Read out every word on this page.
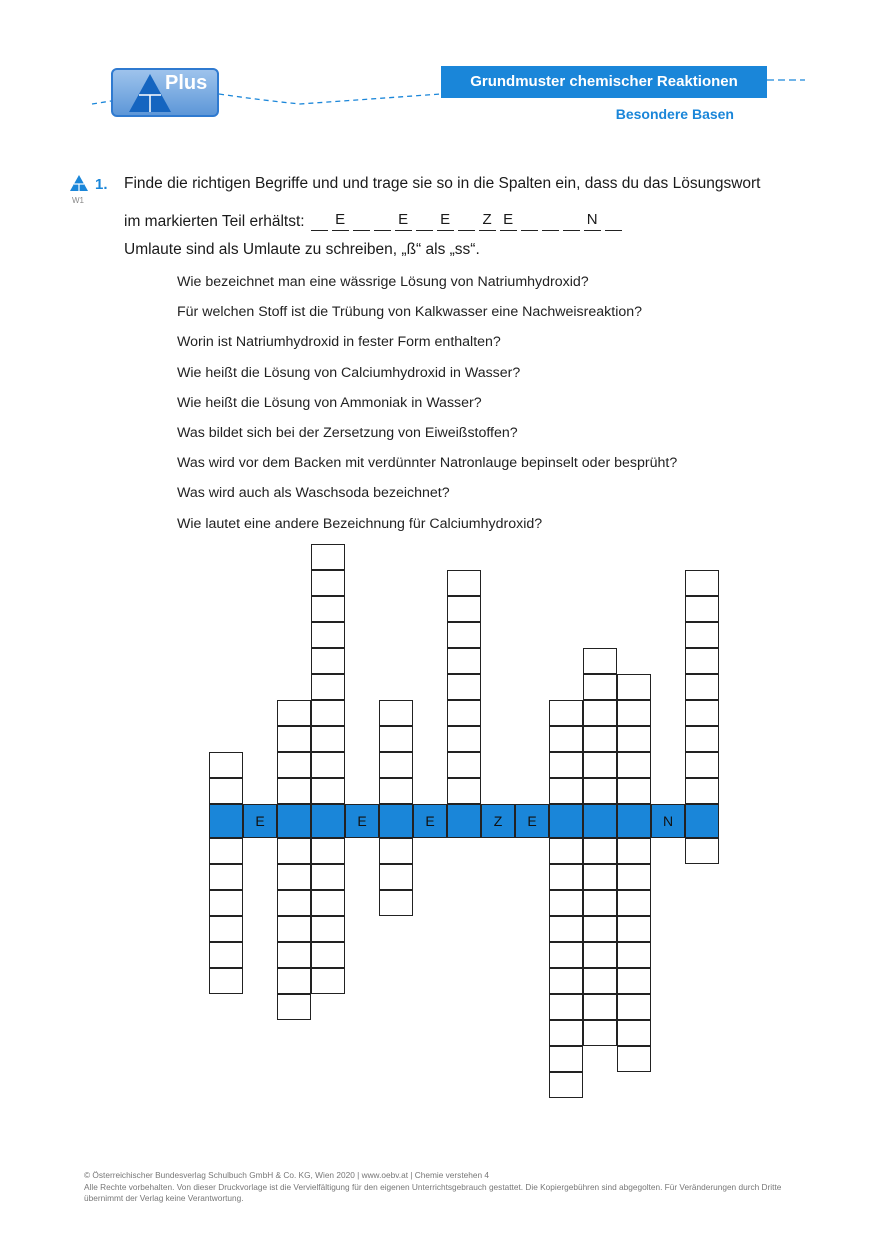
Plus	Grundmuster chemischer Reaktionen
Besondere Basen
W1
1. Finde die richtigen Begriffe und und trage sie so in die Spalten ein, dass du das Lösungswort
im markierten Teil erhältst: E	E E Z E	N
Umlaute sind als Umlaute zu schreiben, „ß“ als „ss“.
Wie bezeichnet man eine wässrige Lösung von Natriumhydroxid?
Für welchen Stoff ist die Trübung von Kalkwasser eine Nachweisreaktion?
Worin ist Natriumhydroxid in fester Form enthalten?
Wie heißt die Lösung von Calciumhydroxid in Wasser?
Wie heißt die Lösung von Ammoniak in Wasser?
Was bildet sich bei der Zersetzung von Eiweißstoffen?
Was wird vor dem Backen mit verdünnter Natronlauge bepinselt oder besprüht?
Was wird auch als Waschsoda bezeichnet?
Wie lautet eine andere Bezeichnung für Calciumhydroxid?
E	E	E	Z	E	N
© Österreichischer Bundesverlag Schulbuch GmbH & Co. KG, Wien 2020 | www.oebv.at | Chemie verstehen 4
Alle Rechte vorbehalten. Von dieser Druckvorlage ist die Vervielfältigung für den eigenen Unterrichtsgebrauch gestattet. Die Kopiergebühren sind abgegolten. Für Veränderungen durch Dritte übernimmt der Verlag keine Verantwortung.
